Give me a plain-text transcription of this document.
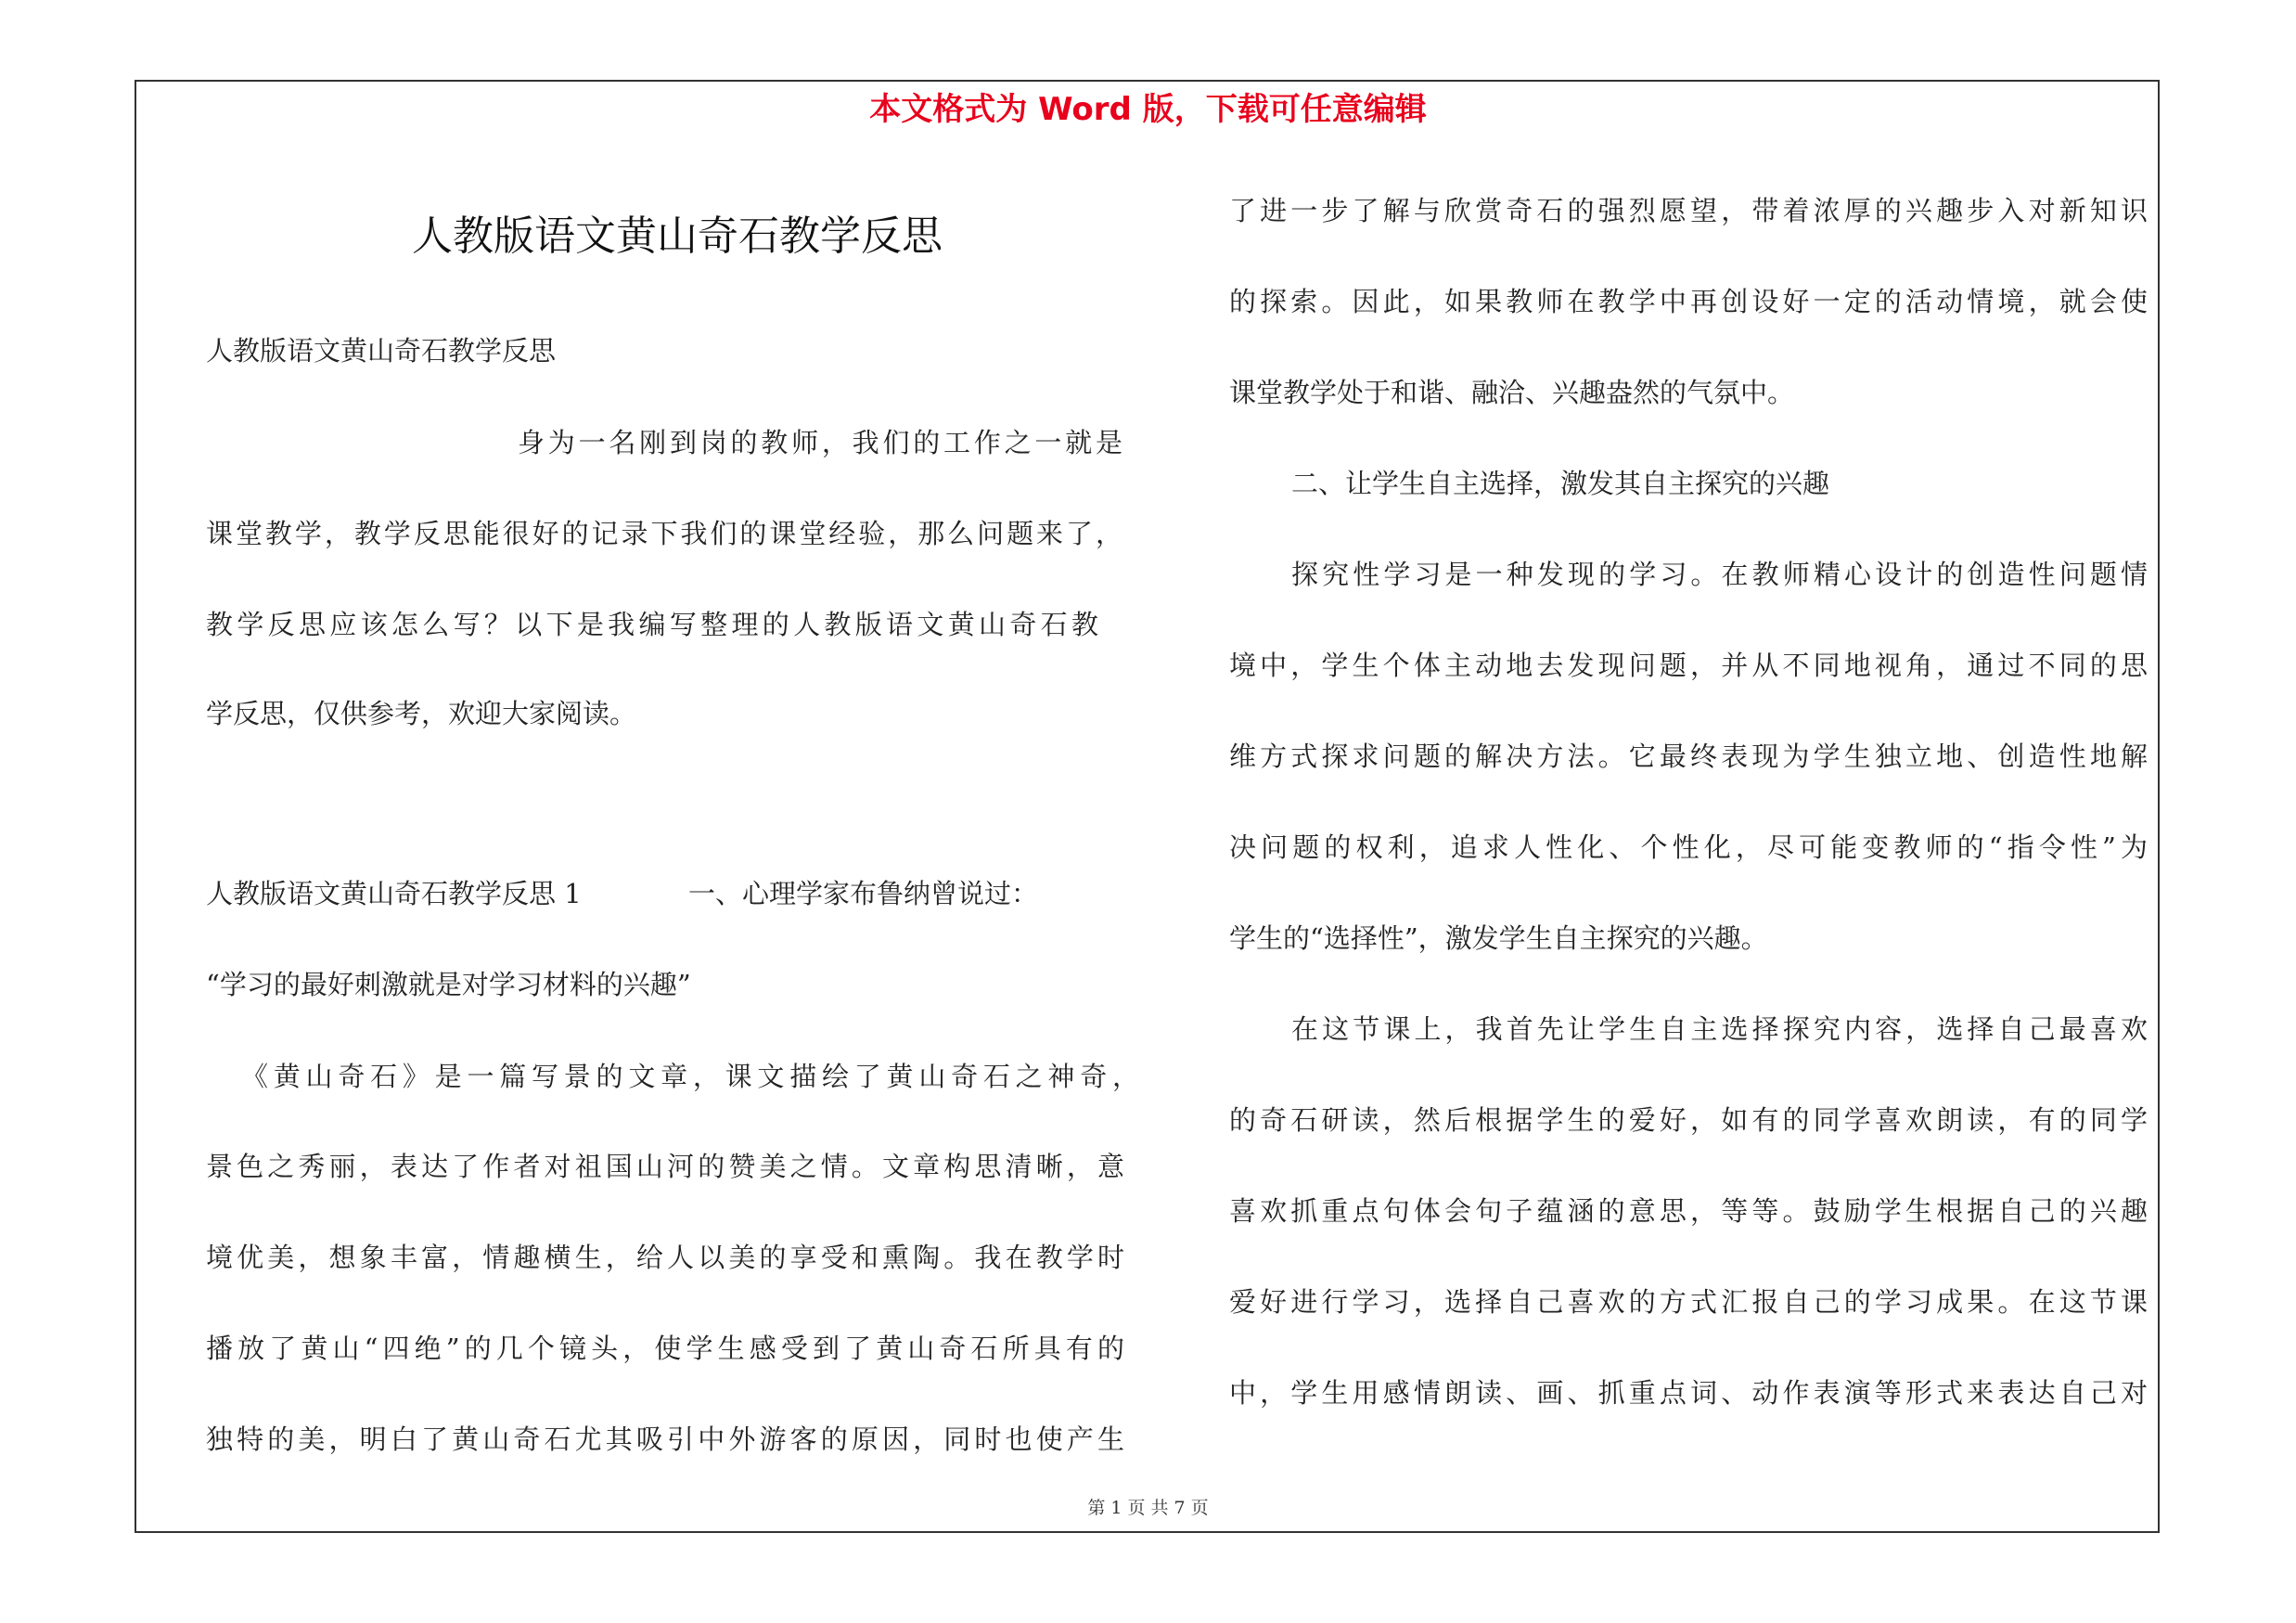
本文格式为 Word 版，下载可任意编辑
人教版语文黄山奇石教学反思
人教版语文黄山奇石教学反思
身为一名刚到岗的教师，我们的工作之一就是
课堂教学，教学反思能很好的记录下我们的课堂经验，那么问题来了，
教学反思应该怎么写？以下是我编写整理的人教版语文黄山奇石教
学反思，仅供参考，欢迎大家阅读。
人教版语文黄山奇石教学反思 1	一、心理学家布鲁纳曾说过：
“学习的最好刺激就是对学习材料的兴趣”
《黄山奇石》是一篇写景的文章，课文描绘了黄山奇石之神奇，
景色之秀丽，表达了作者对祖国山河的赞美之情。文章构思清晰，意
境优美，想象丰富，情趣横生，给人以美的享受和熏陶。我在教学时
播放了黄山“四绝”的几个镜头，使学生感受到了黄山奇石所具有的
独特的美，明白了黄山奇石尤其吸引中外游客的原因，同时也使产生
了进一步了解与欣赏奇石的强烈愿望，带着浓厚的兴趣步入对新知识
的探索。因此，如果教师在教学中再创设好一定的活动情境，就会使
课堂教学处于和谐、融洽、兴趣盎然的气氛中。
二、让学生自主选择，激发其自主探究的兴趣
探究性学习是一种发现的学习。在教师精心设计的创造性问题情
境中，学生个体主动地去发现问题，并从不同地视角，通过不同的思
维方式探求问题的解决方法。它最终表现为学生独立地、创造性地解
决问题的权利，追求人性化、个性化，尽可能变教师的“指令性”为
学生的“选择性”，激发学生自主探究的兴趣。
在这节课上，我首先让学生自主选择探究内容，选择自己最喜欢
的奇石研读，然后根据学生的爱好，如有的同学喜欢朗读，有的同学
喜欢抓重点句体会句子蕴涵的意思，等等。鼓励学生根据自己的兴趣
爱好进行学习，选择自己喜欢的方式汇报自己的学习成果。在这节课
中，学生用感情朗读、画、抓重点词、动作表演等形式来表达自己对
第 1 页 共 7 页
